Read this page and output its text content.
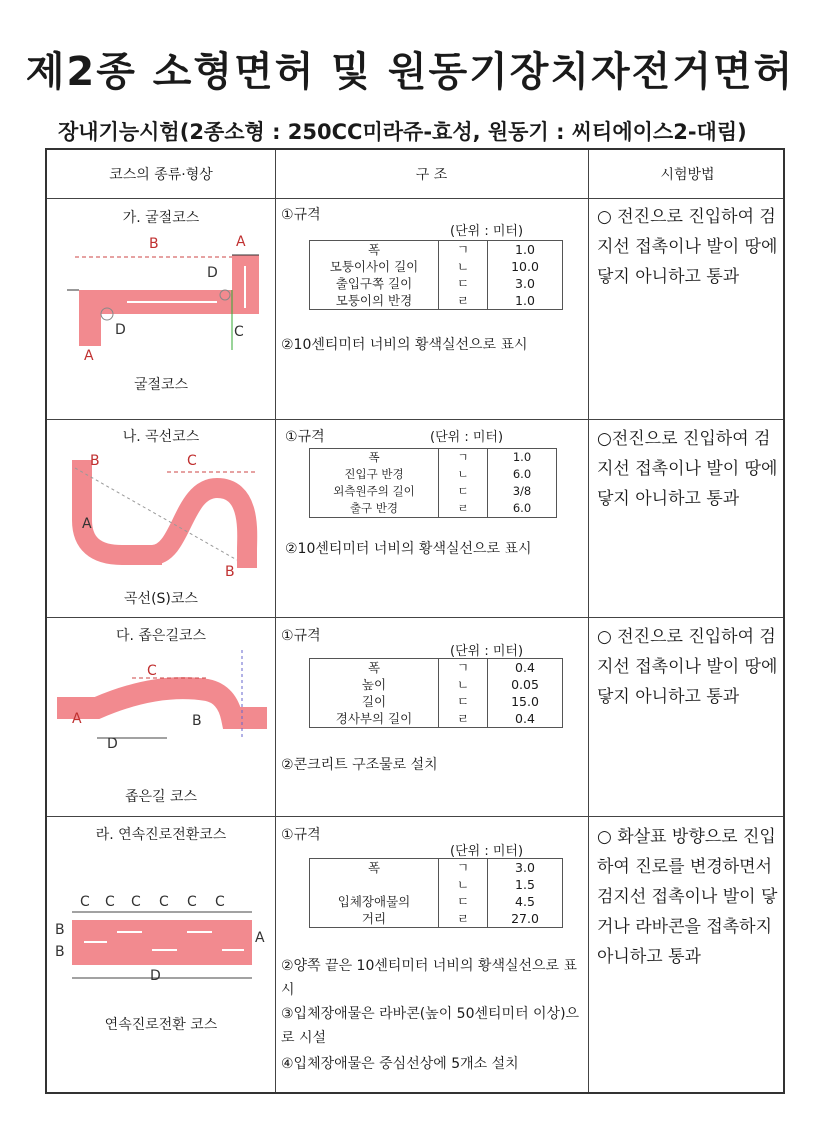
제2종 소형면허 및 원동기장치자전거면허
장내기능시험(2종소형 : 250CC미라쥬-효성, 원동기 : 씨티에이스2-대림)
코스의 종류·형상	구 조	시험방법
가. 굴절코스
B	A
D
D	C
A
굴절코스
①규격
(단위 : 미터)
폭	ㄱ	1.0
모퉁이사이 길이	ㄴ	10.0
출입구쪽 길이	ㄷ	3.0
모퉁이의 반경	ㄹ	1.0
②10센티미터 너비의 황색실선으로 표시
○ 전진으로 진입하여 검지선 접촉이나 발이 땅에 닿지 아니하고 통과
나. 곡선코스
B	C
A
B
곡선(S)코스
①규격	(단위 : 미터)
폭	ㄱ	1.0
진입구 반경	ㄴ	6.0
외측원주의 길이	ㄷ	3/8
출구 반경	ㄹ	6.0
②10센티미터 너비의 황색실선으로 표시
○전진으로 진입하여 검지선 접촉이나 발이 땅에 닿지 아니하고 통과
다. 좁은길코스
C
A	B
D
좁은길 코스
①규격
(단위 : 미터)
폭	ㄱ	0.4
높이	ㄴ	0.05
길이	ㄷ	15.0
경사부의 길이	ㄹ	0.4
②콘크리트 구조물로 설치
○ 전진으로 진입하여 검지선 접촉이나 발이 땅에 닿지 아니하고 통과
라. 연속진로전환코스
C C C C C C
B
B
A
D
연속진로전환 코스
①규격
(단위 : 미터)
폭	ㄱ	3.0
	ㄴ	1.5
입체장애물의	ㄷ	4.5
거리	ㄹ	27.0
②양쪽 끝은 10센티미터 너비의 황색실선으로 표시
③입체장애물은 라바콘(높이 50센티미터 이상)으로 시설
④입체장애물은 중심선상에 5개소 설치
○ 화살표 방향으로 진입하여 진로를 변경하면서 검지선 접촉이나 발이 닿거나 라바콘을 접촉하지 아니하고 통과
